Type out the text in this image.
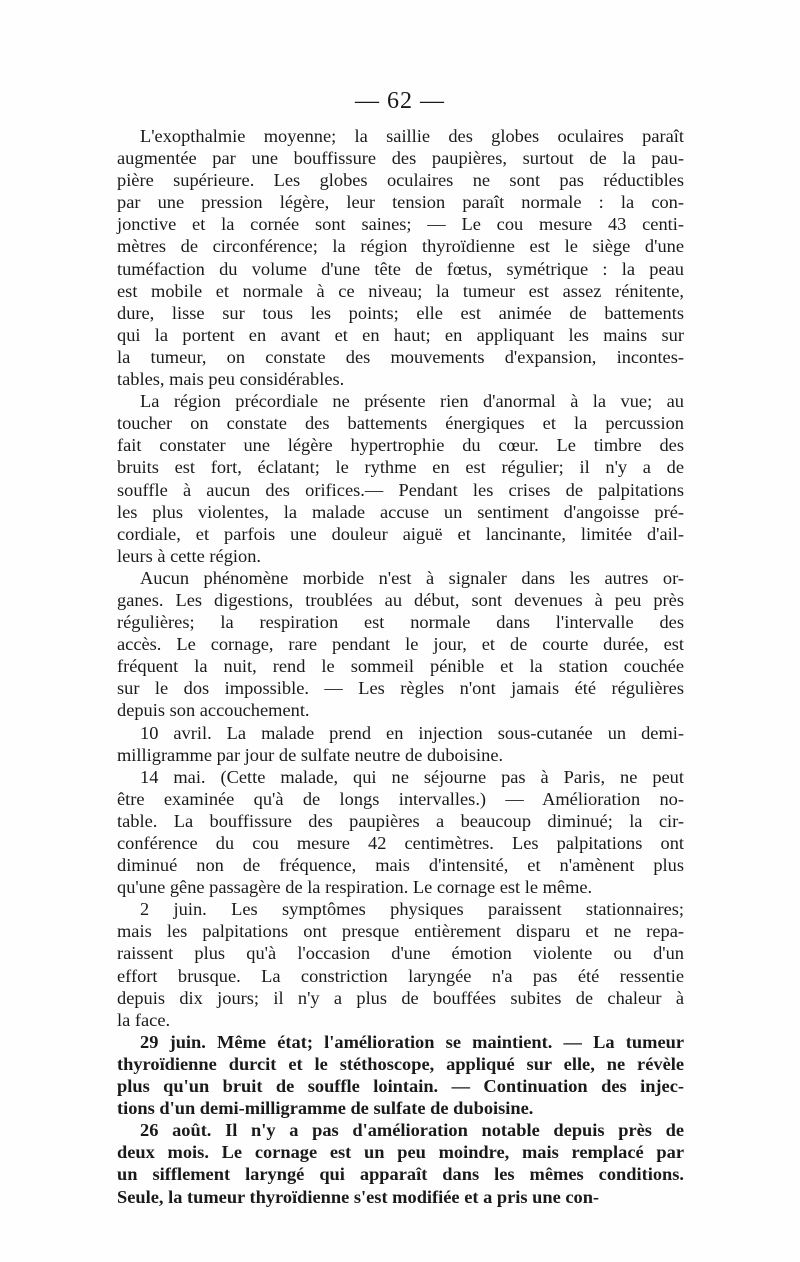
— 62 —
L'exopthalmie moyenne; la saillie des globes oculaires paraît
augmentée par une bouffissure des paupières, surtout de la pau-
pière supérieure. Les globes oculaires ne sont pas réductibles
par une pression légère, leur tension paraît normale : la con-
jonctive et la cornée sont saines; — Le cou mesure 43 centi-
mètres de circonférence; la région thyroïdienne est le siège d'une
tuméfaction du volume d'une tête de fœtus, symétrique : la peau
est mobile et normale à ce niveau; la tumeur est assez rénitente,
dure, lisse sur tous les points; elle est animée de battements
qui la portent en avant et en haut; en appliquant les mains sur
la tumeur, on constate des mouvements d'expansion, incontes-
tables, mais peu considérables.
La région précordiale ne présente rien d'anormal à la vue; au
toucher on constate des battements énergiques et la percussion
fait constater une légère hypertrophie du cœur. Le timbre des
bruits est fort, éclatant; le rythme en est régulier; il n'y a de
souffle à aucun des orifices.— Pendant les crises de palpitations
les plus violentes, la malade accuse un sentiment d'angoisse pré-
cordiale, et parfois une douleur aiguë et lancinante, limitée d'ail-
leurs à cette région.
Aucun phénomène morbide n'est à signaler dans les autres or-
ganes. Les digestions, troublées au début, sont devenues à peu près
régulières; la respiration est normale dans l'intervalle des
accès. Le cornage, rare pendant le jour, et de courte durée, est
fréquent la nuit, rend le sommeil pénible et la station couchée
sur le dos impossible. — Les règles n'ont jamais été régulières
depuis son accouchement.
10 avril. La malade prend en injection sous-cutanée un demi-
milligramme par jour de sulfate neutre de duboisine.
14 mai. (Cette malade, qui ne séjourne pas à Paris, ne peut
être examinée qu'à de longs intervalles.) — Amélioration no-
table. La bouffissure des paupières a beaucoup diminué; la cir-
conférence du cou mesure 42 centimètres. Les palpitations ont
diminué non de fréquence, mais d'intensité, et n'amènent plus
qu'une gêne passagère de la respiration. Le cornage est le même.
2 juin. Les symptômes physiques paraissent stationnaires;
mais les palpitations ont presque entièrement disparu et ne repa-
raissent plus qu'à l'occasion d'une émotion violente ou d'un
effort brusque. La constriction laryngée n'a pas été ressentie
depuis dix jours; il n'y a plus de bouffées subites de chaleur à
la face.
29 juin. Même état; l'amélioration se maintient. — La tumeur
thyroïdienne durcit et le stéthoscope, appliqué sur elle, ne révèle
plus qu'un bruit de souffle lointain. — Continuation des injec-
tions d'un demi-milligramme de sulfate de duboisine.
26 août. Il n'y a pas d'amélioration notable depuis près de
deux mois. Le cornage est un peu moindre, mais remplacé par
un sifflement laryngé qui apparaît dans les mêmes conditions.
Seule, la tumeur thyroïdienne s'est modifiée et a pris une con-
